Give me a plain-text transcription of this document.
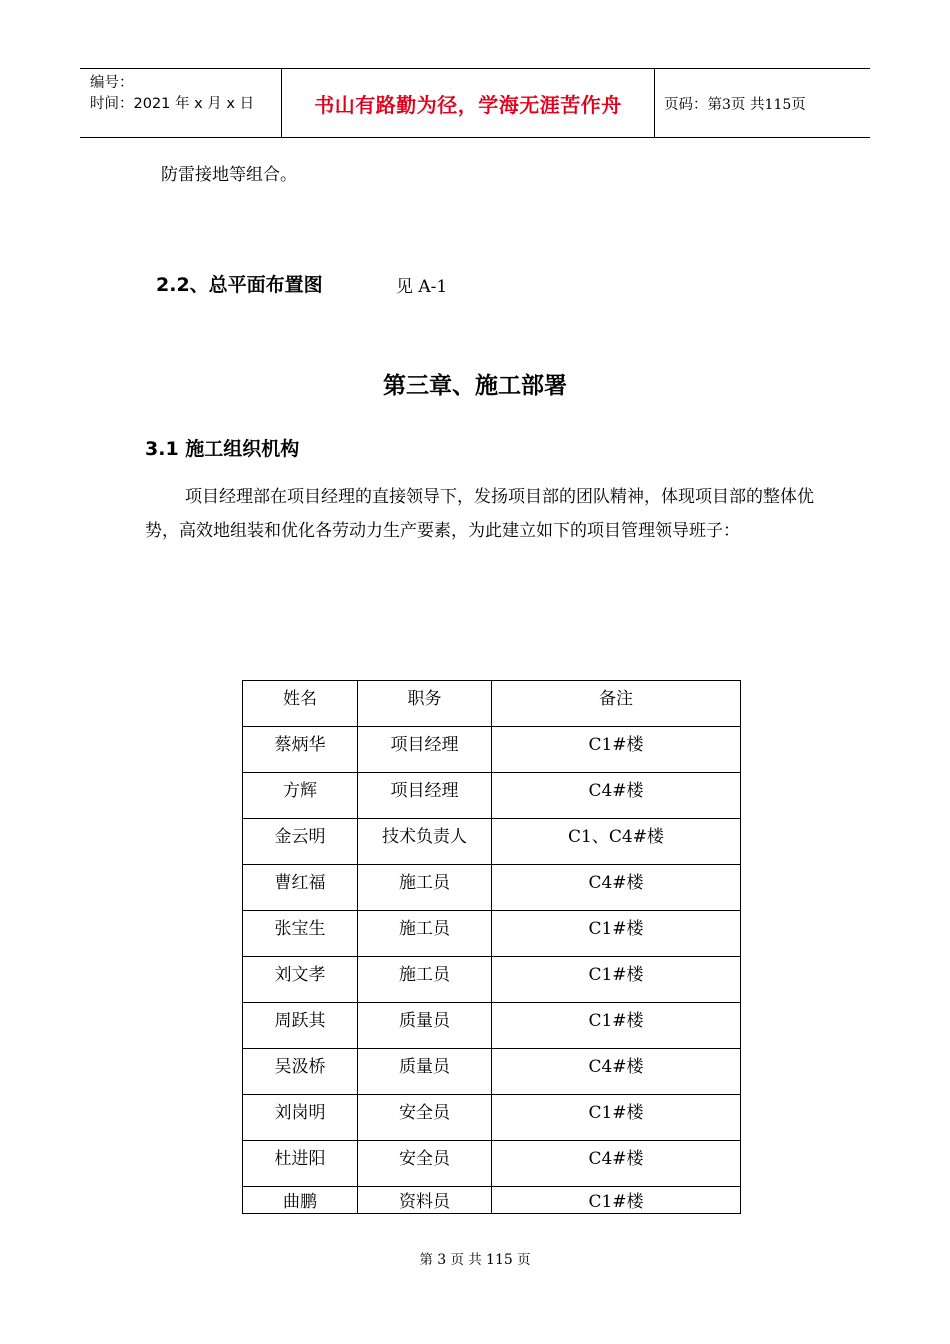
编号：
时间：2021 年 x 月 x 日	书山有路勤为径，学海无涯苦作舟	页码：第3页 共115页
防雷接地等组合。
2.2、总平面布置图	见 A-1
第三章、施工部署
3.1 施工组织机构
项目经理部在项目经理的直接领导下，发扬项目部的团队精神，体现项目部的整体优势，高效地组装和优化各劳动力生产要素，为此建立如下的项目管理领导班子：
姓名	职务	备注
蔡炳华	项目经理	C1#楼
方辉	项目经理	C4#楼
金云明	技术负责人	C1、C4#楼
曹红福	施工员	C4#楼
张宝生	施工员	C1#楼
刘文孝	施工员	C1#楼
周跃其	质量员	C1#楼
吴汲桥	质量员	C4#楼
刘岗明	安全员	C1#楼
杜进阳	安全员	C4#楼
曲鹏	资料员	C1#楼
第 3 页 共 115 页
